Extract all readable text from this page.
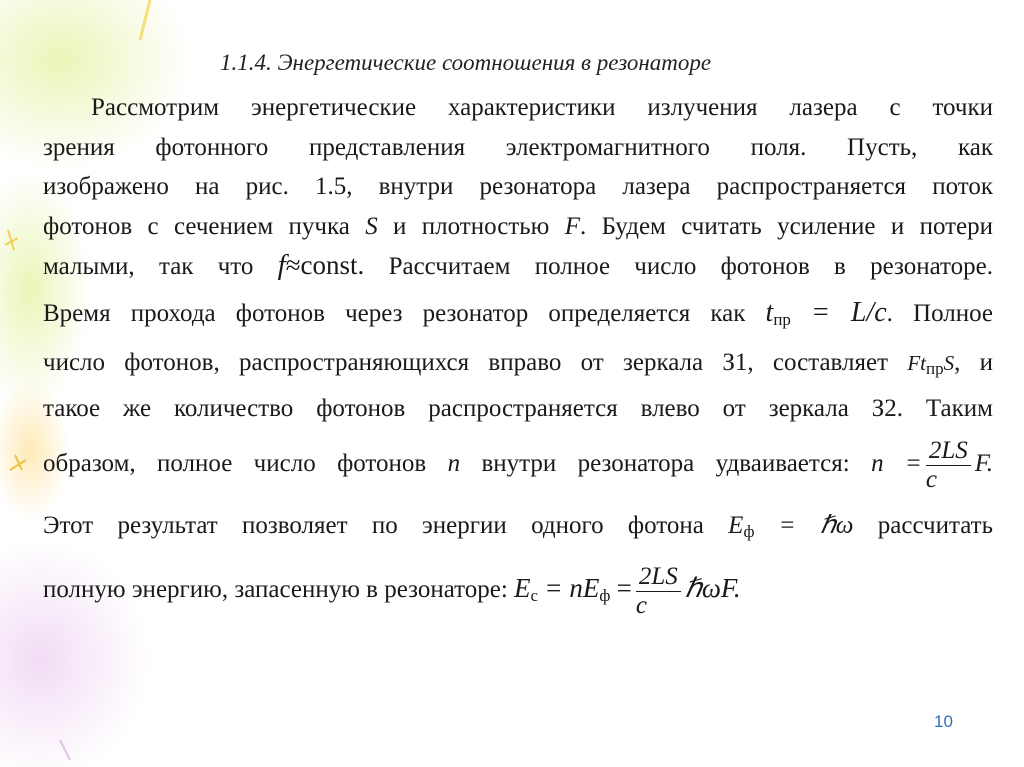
1.1.4. Энергетические соотношения в резонаторе
Рассмотрим энергетические характеристики излучения лазера с точки
зрения фотонного представления электромагнитного поля. Пусть, как
изображено на рис. 1.5, внутри резонатора лазера распространяется поток
фотонов с сечением пучка S и плотностью F. Будем считать усиление и потери
малыми, так что f≈const. Рассчитаем полное число фотонов в резонаторе.
Время прохода фотонов через резонатор определяется как $t_{пр} = L/c$. Полное
число фотонов, распространяющихся вправо от зеркала З1, составляет $Ft_{пр}S$, и
такое же количество фотонов распространяется влево от зеркала З2. Таким
образом, полное число фотонов n внутри резонатора удваивается: $n = \frac{2LS}{c} F$.
Этот результат позволяет по энергии одного фотона $E_ф$ = ℏω рассчитать
полную энергию, запасенную в резонаторе: $E_c = nE_ф = \frac{2LS}{c}$ ℏωF.
10
